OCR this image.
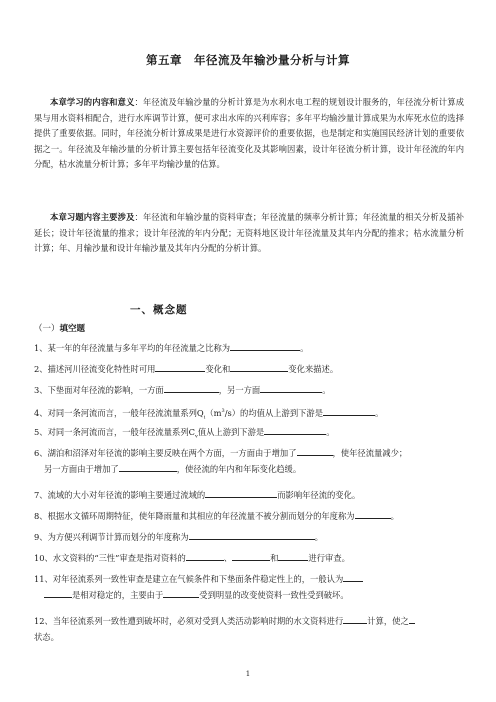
第五章　年径流及年输沙量分析与计算
本章学习的内容和意义：年径流及年输沙量的分析计算是为水利水电工程的规划设计服务的，年径流分析计算成果与用水资料相配合，进行水库调节计算，便可求出水库的兴利库容；多年平均输沙量计算成果为水库死水位的选择提供了重要依据。同时，年径流分析计算成果是进行水资源评价的重要依据，也是制定和实施国民经济计划的重要依据之一。年径流及年输沙量的分析计算主要包括年径流变化及其影响因素，设计年径流分析计算，设计年径流的年内分配，枯水流量分析计算；多年平均输沙量的估算。
本章习题内容主要涉及：年径流和年输沙量的资料审查；年径流量的频率分析计算；年径流量的相关分析及插补延长；设计年径流量的推求；设计年径流的年内分配；无资料地区设计年径流量及其年内分配的推求；枯水流量分析计算；年、月输沙量和设计年输沙量及其年内分配的分析计算。
一、概念题
（一）填空题
1、某一年的年径流量与多年平均的年径流量之比称为	。
2、描述河川径流变化特性时可用	变化和	变化来描述。
3、下垫面对年径流的影响，一方面	，另一方面	。
4、对同一条河流而言，一般年径流流量系列$Q_i(m^3/s)$的均值从上游到下游是	。
5、对同一条河流而言，一般年径流量系列$C_v$值从上游到下游是	。
6、湖泊和沼泽对年径流的影响主要反映在两个方面，一方面由于增加了	，使年径流量减少；
另一方面由于增加了	，使径流的年内和年际变化趋缓。
7、流域的大小对年径流的影响主要通过流域的	而影响年径流的变化。
8、根据水文循环周期特征，使年降雨量和其相应的年径流量不被分割而划分的年度称为	。
9、为方便兴利调节计算而划分的年度称为	。
10、水文资料的“三性”审查是指对资料的	、	和	进行审查。
11、对年径流系列一致性审查是建立在气候条件和下垫面条件稳定性上的，一般认为
是相对稳定的，主要由于	受到明显的改变使资料一致性受到破坏。
12、当年径流系列一致性遭到破坏时，必须对受到人类活动影响时期的水文资料进行	计算，使之
状态。
1
